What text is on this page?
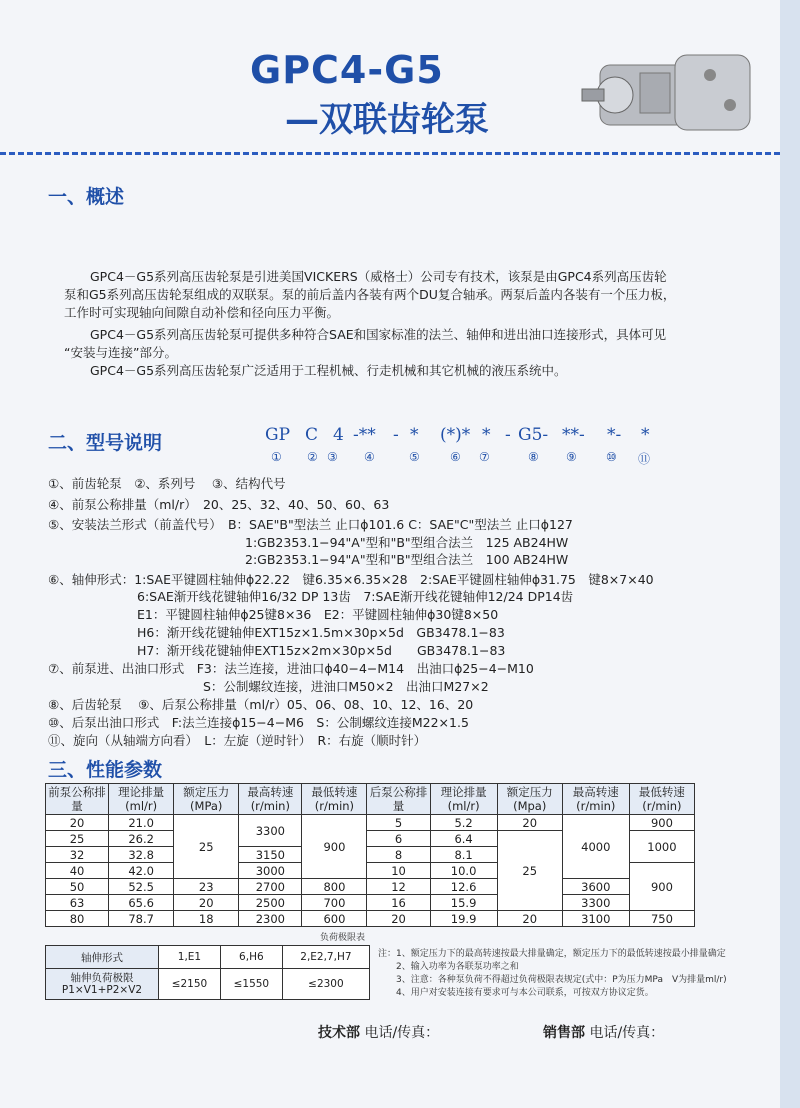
GPC4-G5
—双联齿轮泵
一、概述
GPC4－G5系列高压齿轮泵是引进美国VICKERS（威格士）公司专有技术，该泵是由GPC4系列高压齿轮
泵和G5系列高压齿轮泵组成的双联泵。泵的前后盖内各装有两个DU复合轴承。两泵后盖内各装有一个压力板，
工作时可实现轴向间隙自动补偿和径向压力平衡。
GPC4－G5系列高压齿轮泵可提供多种符合SAE和国家标准的法兰、轴伸和进出油口连接形式，具体可见
“安装与连接”部分。
GPC4－G5系列高压齿轮泵广泛适用于工程机械、行走机械和其它机械的液压系统中。
二、型号说明	GP C 4 -** - * (*)* * - G5- **- *- *
① ② ③ ④	⑤	⑥ ⑦	⑧ ⑨ ⑩ ⑪
①、前齿轮泵　②、系列号　 ③、结构代号
④、前泵公称排量（ml/r）　20、25、32、40、50、60、63
⑤、安装法兰形式（前盖代号）　B：SAE"B"型法兰 止口ϕ101.6 C：SAE"C"型法兰 止口ϕ127
1:GB2353.1−94"A"型和"B"型组合法兰　125 AB24HW
2:GB2353.1−94"A"型和"B"型组合法兰　100 AB24HW
⑥、轴伸形式：1:SAE平键圆柱轴伸ϕ22.22　键6.35×6.35×28　2:SAE平键圆柱轴伸ϕ31.75　键8×7×40
6:SAE渐开线花键轴伸16/32 DP 13齿　7:SAE渐开线花键轴伸12/24 DP14齿
E1：平键圆柱轴伸ϕ25键8×36　E2：平键圆柱轴伸ϕ30键8×50
H6：渐开线花键轴伸EXT15z×1.5m×30p×5d　GB3478.1−83
H7：渐开线花键轴伸EXT15z×2m×30p×5d　　GB3478.1−83
⑦、前泵进、出油口形式　F3：法兰连接，进油口ϕ40−4−M14　出油口ϕ25−4−M10
S：公制螺纹连接，进油口M50×2　出油口M27×2
⑧、后齿轮泵　 ⑨、后泵公称排量（ml/r）05、06、08、10、12、16、20
⑩、后泵出油口形式　F:法兰连接ϕ15−4−M6　S：公制螺纹连接M22×1.5
⑪、旋向（从轴端方向看）　L：左旋（逆时针）　R：右旋（顺时针）
三、性能参数
前泵公称排量	理论排量(ml/r)	额定压力(MPa)	最高转速(r/min)	最低转速(r/min)	后泵公称排量	理论排量(ml/r)	额定压力(Mpa)	最高转速(r/min)	最低转速(r/min)
20	21.0	25	3300	900	5	5.2	20	4000	900
25	26.2				6	6.4	25		1000
32	32.8		3150		8	8.1			
40	42.0		3000		10	10.0			900
50	52.5	23	2700	800	12	12.6		3600	
63	65.6	20	2500	700	16	15.9		3300	
80	78.7	18	2300	600	20	19.9	20	3100	750
负荷极限表
轴伸形式	1,E1	6,H6	2,E2,7,H7
轴伸负荷极限 P1×V1+P2×V2	≤2150	≤1550	≤2300
注：1、额定压力下的最高转速按最大排量确定，额定压力下的最低转速按最小排量确定
2、输入功率为各联泵功率之和
3、注意：各种泵负荷不得超过负荷极限表规定(式中：P为压力MPa　V为排量ml/r)
4、用户对安装连接有要求可与本公司联系，可按双方协议定货。
技术部 电话/传真：	销售部 电话/传真：
